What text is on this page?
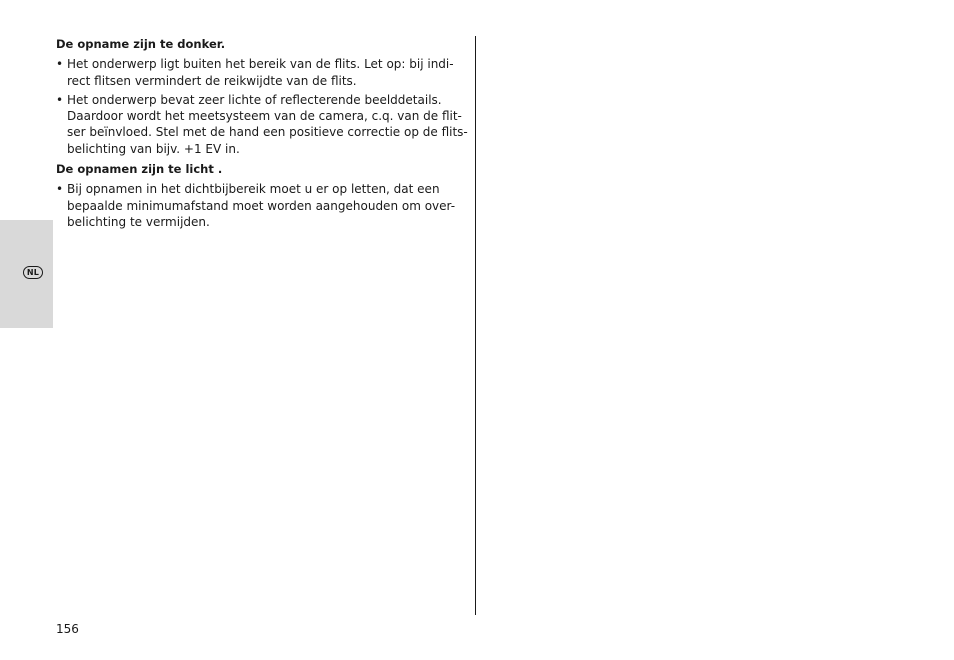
NL
De opname zijn te donker.
• Het onderwerp ligt buiten het bereik van de flits. Let op: bij indi-
rect flitsen vermindert de reikwijdte van de flits.
• Het onderwerp bevat zeer lichte of reflecterende beelddetails.
Daardoor wordt het meetsysteem van de camera, c.q. van de flit-
ser beïnvloed. Stel met de hand een positieve correctie op de flits-
belichting van bijv. +1 EV in.
De opnamen zijn te licht .
• Bij opnamen in het dichtbijbereik moet u er op letten, dat een
bepaalde minimumafstand moet worden aangehouden om over-
belichting te vermijden.
156
